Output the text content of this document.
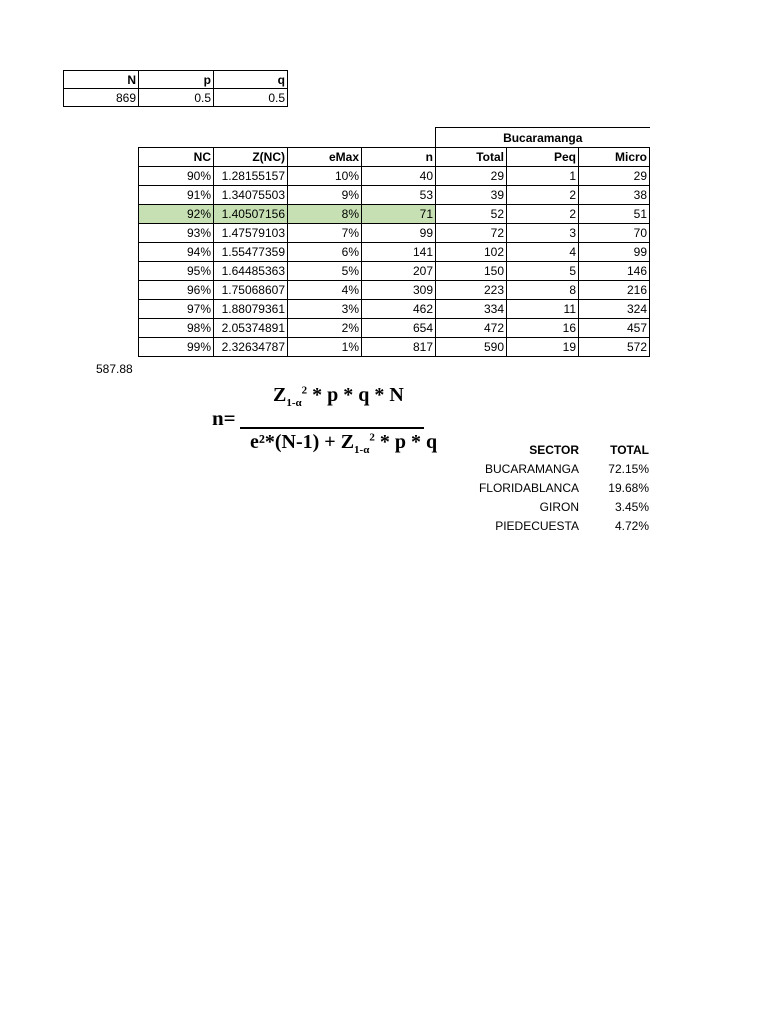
N	p	q
869	0.5	0.5
				Bucaramanga		
NC	Z(NC)	eMax	n	Total	Peq	Micro
90%	1.28155157	10%	40	29	1	29
91%	1.34075503	9%	53	39	2	38
92%	1.40507156	8%	71	52	2	51
93%	1.47579103	7%	99	72	3	70
94%	1.55477359	6%	141	102	4	99
95%	1.64485363	5%	207	150	5	146
96%	1.75068607	4%	309	223	8	216
97%	1.88079361	3%	462	334	11	324
98%	2.05374891	2%	654	472	16	457
99%	2.32634787	1%	817	590	19	572
587.88
n=
$Z_{1-\alpha}^2$ * p * q * N
$e^2*(N-1) + Z_{1-\alpha}^2 * p * q$	SECTOR	TOTAL
BUCARAMANGA	72.15%
FLORIDABLANCA	19.68%
GIRON	3.45%
PIEDECUESTA	4.72%
